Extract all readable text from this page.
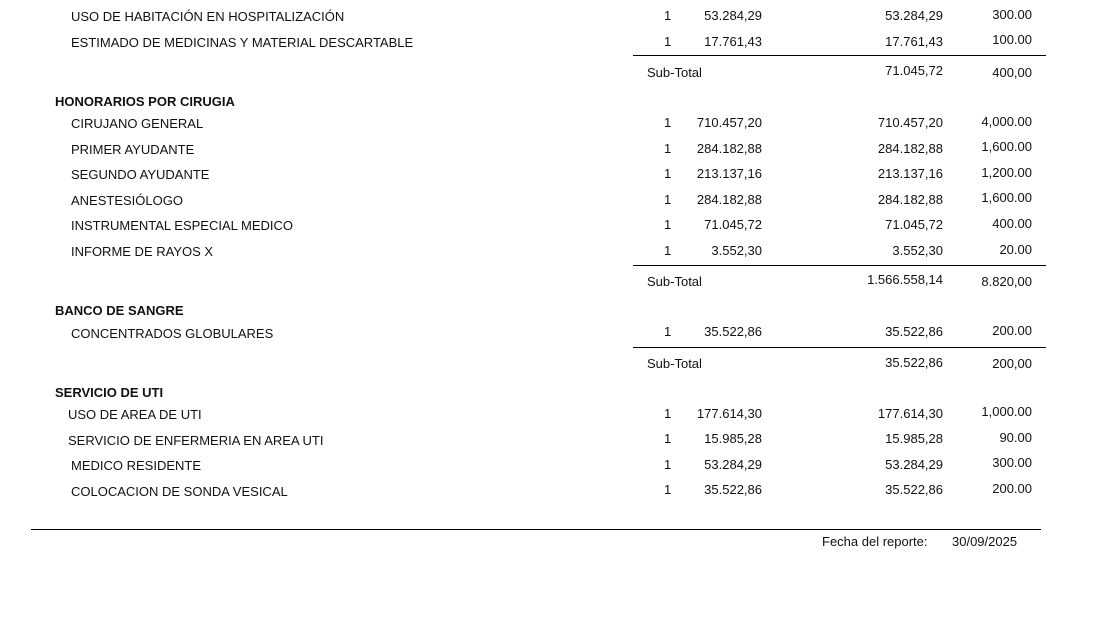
USO DE HABITACIÓN EN HOSPITALIZACIÓN	1	53.284,29	53.284,29	300.00
ESTIMADO DE MEDICINAS Y MATERIAL DESCARTABLE	1	17.761,43	17.761,43	100.00
Sub-Total	71.045,72	400,00
HONORARIOS POR CIRUGIA
CIRUJANO GENERAL	1	710.457,20	710.457,20	4,000.00
PRIMER AYUDANTE	1	284.182,88	284.182,88	1,600.00
SEGUNDO AYUDANTE	1	213.137,16	213.137,16	1,200.00
ANESTESIÓLOGO	1	284.182,88	284.182,88	1,600.00
INSTRUMENTAL ESPECIAL MEDICO	1	71.045,72	71.045,72	400.00
INFORME DE RAYOS X	1	3.552,30	3.552,30	20.00
Sub-Total	1.566.558,14	8.820,00
BANCO DE SANGRE
CONCENTRADOS GLOBULARES	1	35.522,86	35.522,86	200.00
Sub-Total	35.522,86	200,00
SERVICIO DE UTI
USO DE AREA DE UTI	1	177.614,30	177.614,30	1,000.00
SERVICIO DE ENFERMERIA EN AREA UTI	1	15.985,28	15.985,28	90.00
MEDICO RESIDENTE	1	53.284,29	53.284,29	300.00
COLOCACION DE SONDA VESICAL	1	35.522,86	35.522,86	200.00
Fecha del reporte: 30/09/2025
